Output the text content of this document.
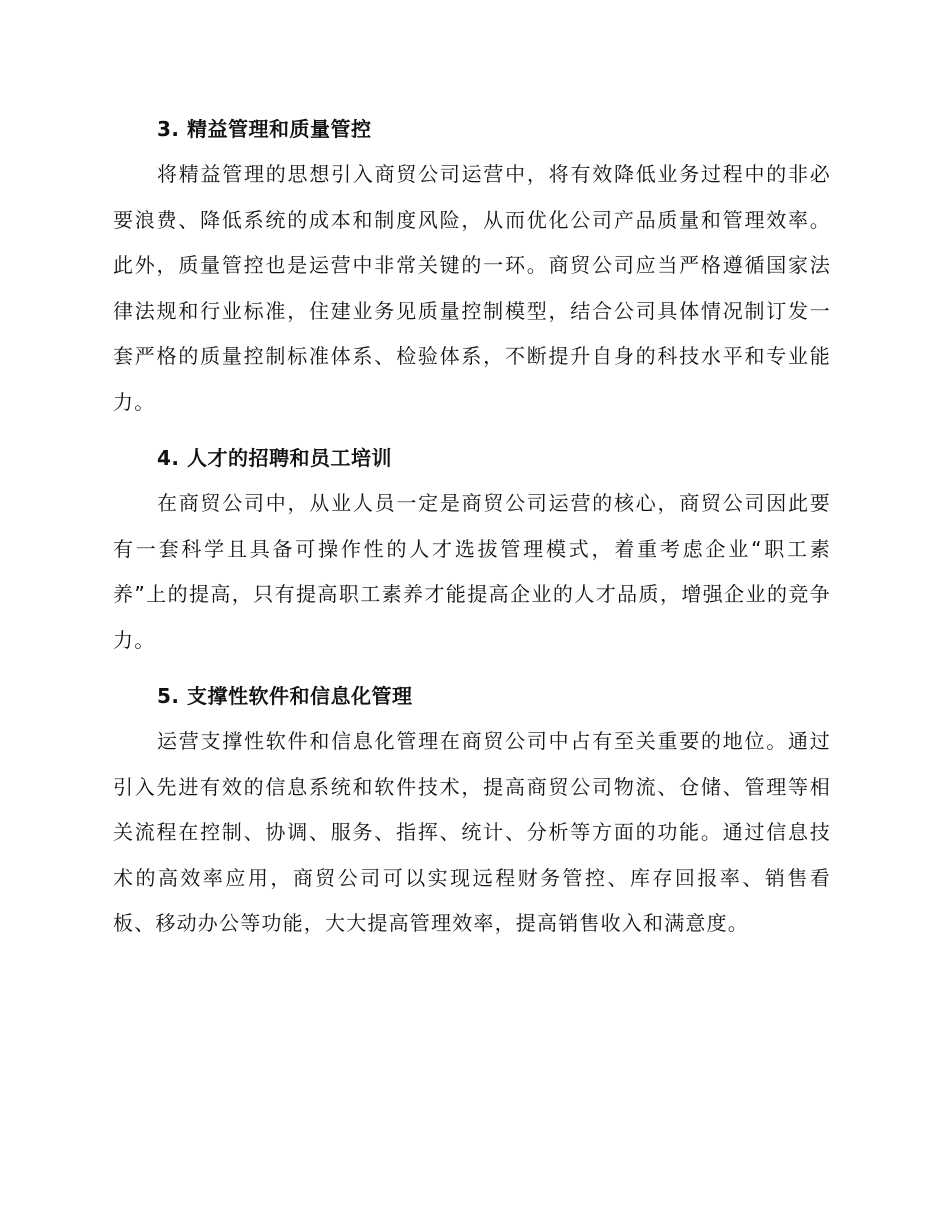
3. 精益管理和质量管控

将精益管理的思想引入商贸公司运营中，将有效降低业务过程中的非必要浪费、降低系统的成本和制度风险，从而优化公司产品质量和管理效率。此外，质量管控也是运营中非常关键的一环。商贸公司应当严格遵循国家法律法规和行业标准，住建业务见质量控制模型，结合公司具体情况制订发一套严格的质量控制标准体系、检验体系，不断提升自身的科技水平和专业能力。

4. 人才的招聘和员工培训

在商贸公司中，从业人员一定是商贸公司运营的核心，商贸公司因此要有一套科学且具备可操作性的人才选拔管理模式，着重考虑企业“职工素养”上的提高，只有提高职工素养才能提高企业的人才品质，增强企业的竞争力。

5. 支撑性软件和信息化管理

运营支撑性软件和信息化管理在商贸公司中占有至关重要的地位。通过引入先进有效的信息系统和软件技术，提高商贸公司物流、仓储、管理等相关流程在控制、协调、服务、指挥、统计、分析等方面的功能。通过信息技术的高效率应用，商贸公司可以实现远程财务管控、库存回报率、销售看板、移动办公等功能，大大提高管理效率，提高销售收入和满意度。
